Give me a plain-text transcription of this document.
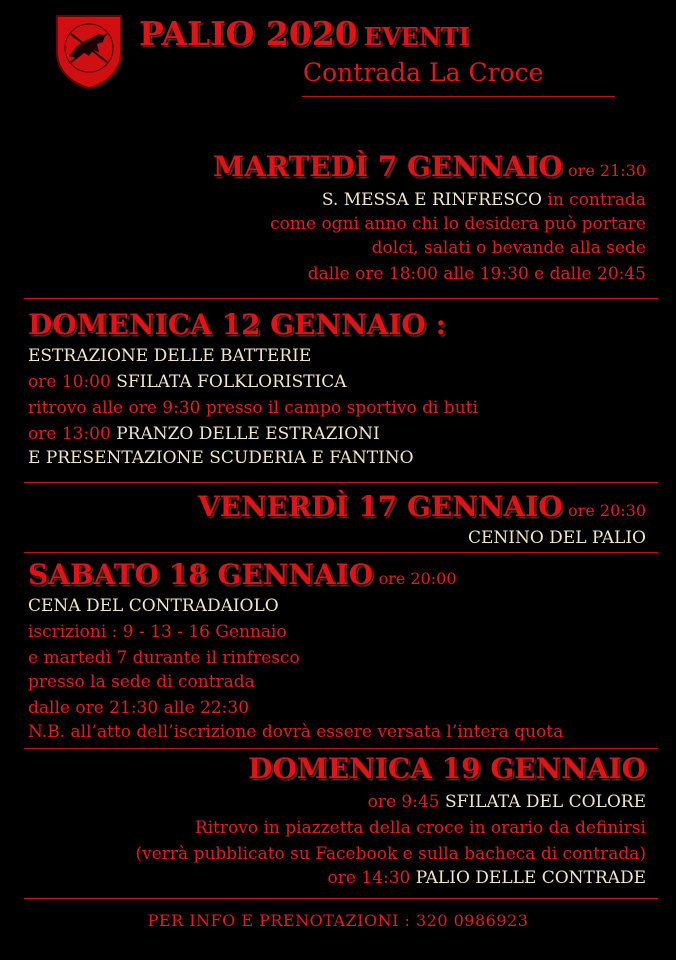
PALIO 2020 EVENTI
Contrada La Croce
MARTEDÌ 7 GENNAIO ore 21:30
S. MESSA E RINFRESCO in contrada
come ogni anno chi lo desidera può portare
dolci, salati o bevande alla sede
dalle ore 18:00 alle 19:30 e dalle 20:45
DOMENICA 12 GENNAIO :
ESTRAZIONE DELLE BATTERIE
ore 10:00 SFILATA FOLKLORISTICA
ritrovo alle ore 9:30 presso il campo sportivo di buti
ore 13:00 PRANZO DELLE ESTRAZIONI
E PRESENTAZIONE SCUDERIA E FANTINO
VENERDÌ 17 GENNAIO ore 20:30
CENINO DEL PALIO
SABATO 18 GENNAIO ore 20:00
CENA DEL CONTRADAIOLO
iscrizioni : 9 - 13 - 16 Gennaio
e martedì 7 durante il rinfresco
presso la sede di contrada
dalle ore 21:30 alle 22:30
N.B. all’atto dell’iscrizione dovrà essere versata l’intera quota
DOMENICA 19 GENNAIO
ore 9:45 SFILATA DEL COLORE
Ritrovo in piazzetta della croce in orario da definirsi
(verrà pubblicato su Facebook e sulla bacheca di contrada)
ore 14:30 PALIO DELLE CONTRADE
PER INFO E PRENOTAZIONI : 320 0986923
